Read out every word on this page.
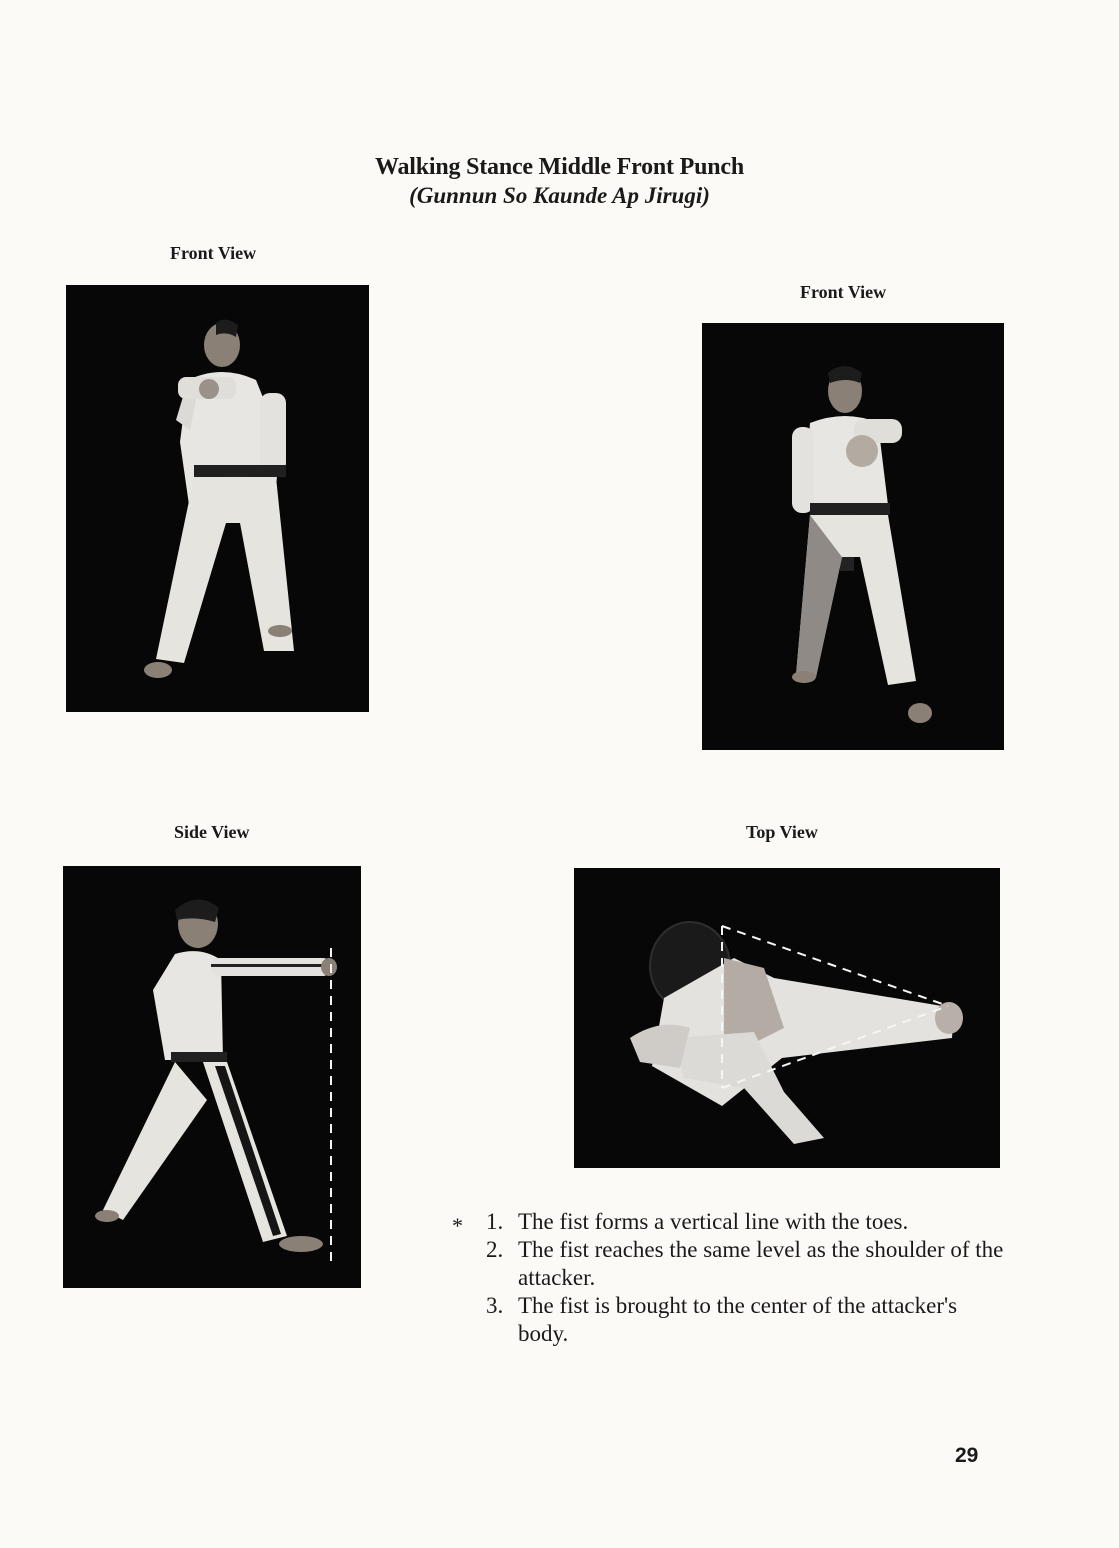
Walking Stance Middle Front Punch
(Gunnun So Kaunde Ap Jirugi)
Front View
Front View
Side View	Top View
* 1. The fist forms a vertical line with the toes.
2. The fist reaches the same level as the shoulder of the attacker.
3. The fist is brought to the center of the attacker's body.
29
